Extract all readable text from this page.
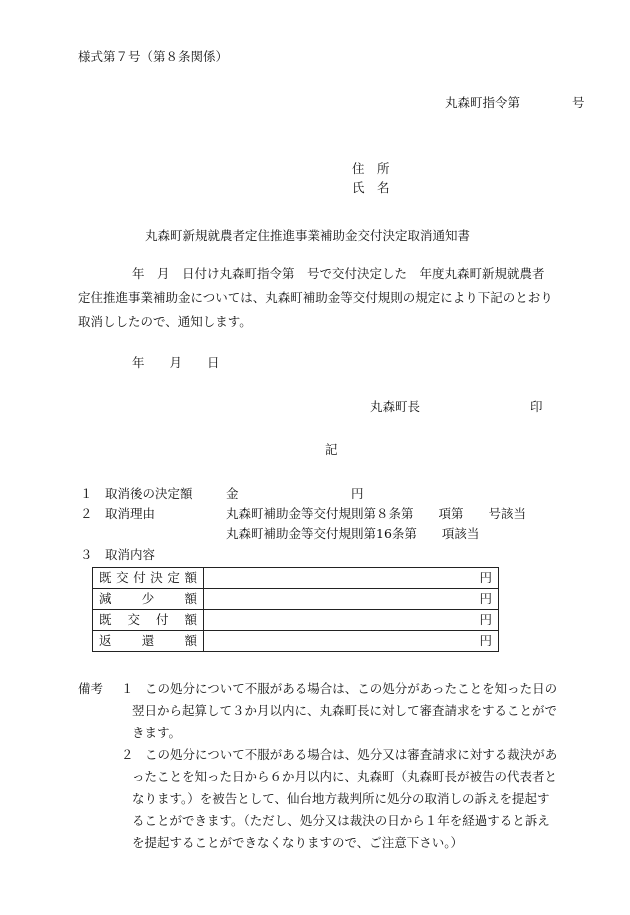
様式第７号（第８条関係）
丸森町指令第	号
住　所
氏　名
丸森町新規就農者定住推進事業補助金交付決定取消通知書
年　月　日付け丸森町指令第　号で交付決定した　年度丸森町新規就農者
定住推進事業補助金については、丸森町補助金等交付規則の規定により下記のとおり
取消ししたので、通知します。
年　　月　　日
丸森町長	印
記
１ 取消後の決定額	金　　　　　　　　　円
２ 取消理由	丸森町補助金等交付規則第８条第　　項第　　号該当
丸森町補助金等交付規則第16条第　　項該当
３ 取消内容
既交付決定額	円
減少額	円
既交付額	円
返還額	円
備考 １ この処分について不服がある場合は、この処分があったことを知った日の
翌日から起算して３か月以内に、丸森町長に対して審査請求をすることがで
きます。
２ この処分について不服がある場合は、処分又は審査請求に対する裁決があ
ったことを知った日から６か月以内に、丸森町（丸森町長が被告の代表者と
なります。）を被告として、仙台地方裁判所に処分の取消しの訴えを提起す
ることができます。（ただし、処分又は裁決の日から１年を経過すると訴え
を提起することができなくなりますので、ご注意下さい。）
